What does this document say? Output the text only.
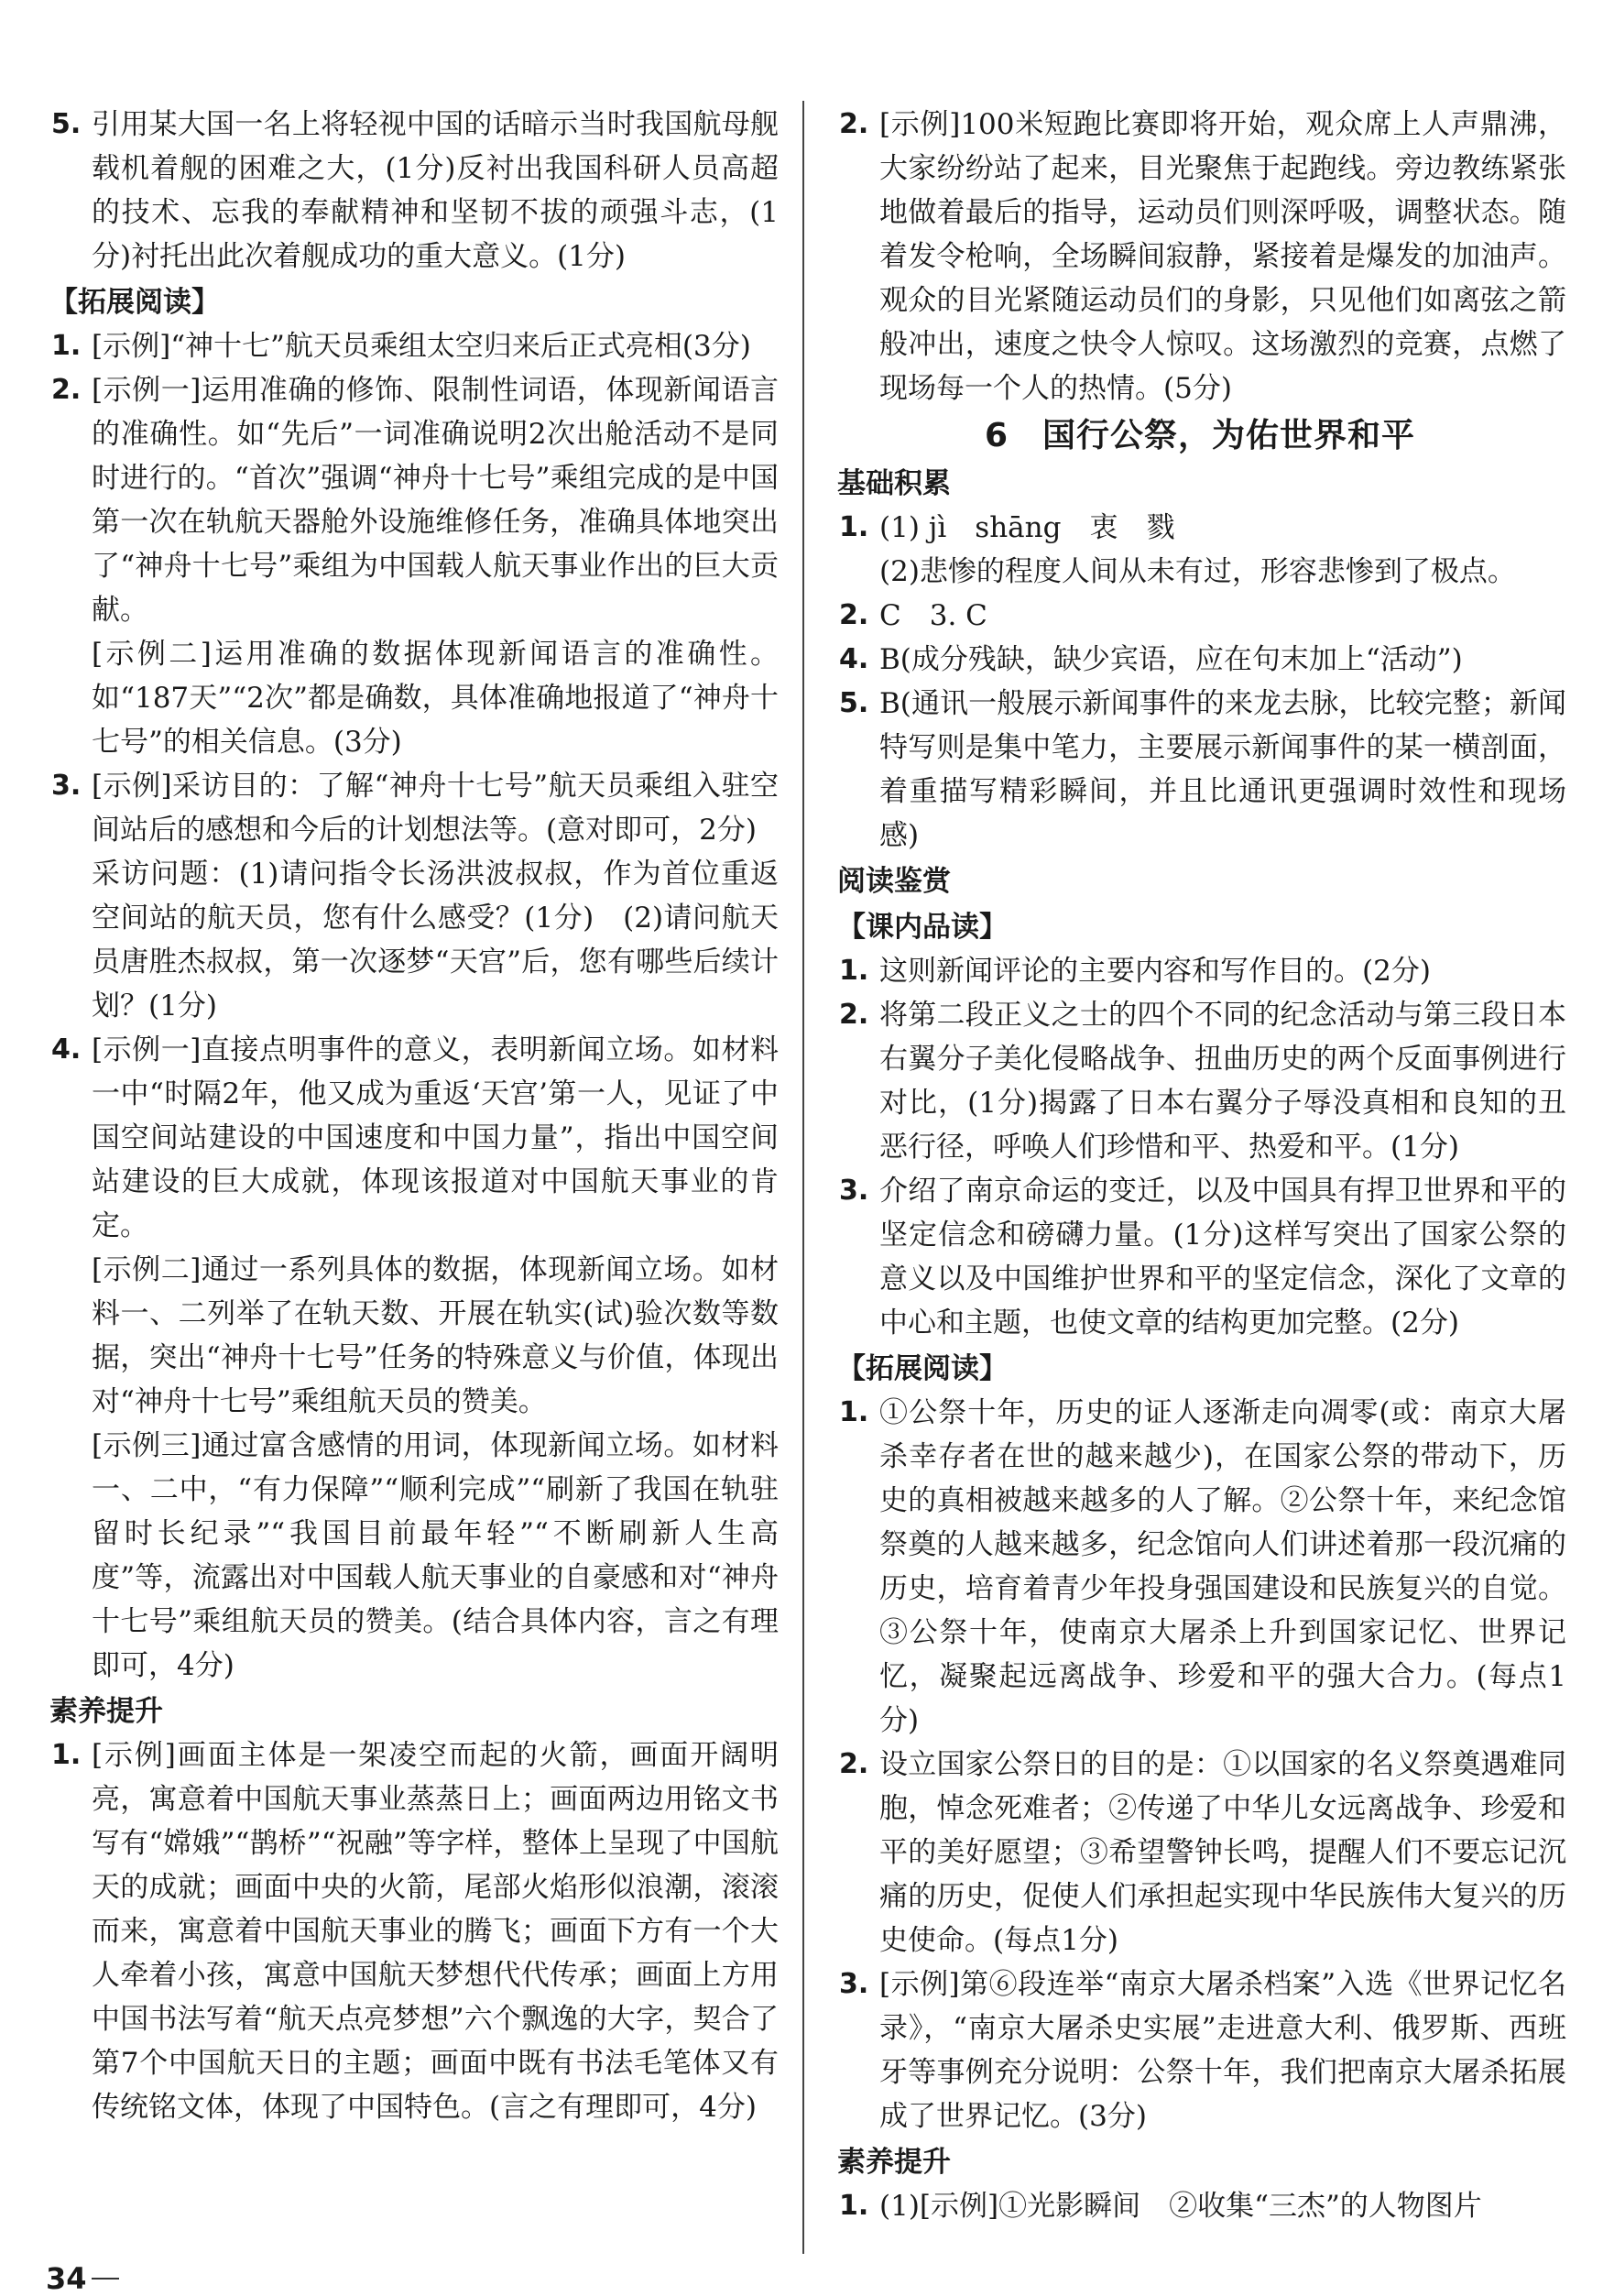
5. 引用某大国一名上将轻视中国的话暗示当时我国航母舰载机着舰的困难之大，(1分)反衬出我国科研人员高超的技术、忘我的奉献精神和坚韧不拔的顽强斗志，(1分)衬托出此次着舰成功的重大意义。(1分)

【拓展阅读】
1. [示例]“神十七”航天员乘组太空归来后正式亮相(3分)

2. [示例一]运用准确的修饰、限制性词语，体现新闻语言的准确性。如“先后”一词准确说明2次出舱活动不是同时进行的。“首次”强调“神舟十七号”乘组完成的是中国第一次在轨航天器舱外设施维修任务，准确具体地突出了“神舟十七号”乘组为中国载人航天事业作出的巨大贡献。

[示例二]运用准确的数据体现新闻语言的准确性。如“187天”“2次”都是确数，具体准确地报道了“神舟十七号”的相关信息。(3分)

3. [示例]采访目的：了解“神舟十七号”航天员乘组入驻空间站后的感想和今后的计划想法等。(意对即可，2分)

采访问题：(1)请问指令长汤洪波叔叔，作为首位重返空间站的航天员，您有什么感受？(1分)　(2)请问航天员唐胜杰叔叔，第一次逐梦“天宫”后，您有哪些后续计划？(1分)

4. [示例一]直接点明事件的意义，表明新闻立场。如材料一中“时隔2年，他又成为重返‘天宫’第一人，见证了中国空间站建设的中国速度和中国力量”，指出中国空间站建设的巨大成就，体现该报道对中国航天事业的肯定。

[示例二]通过一系列具体的数据，体现新闻立场。如材料一、二列举了在轨天数、开展在轨实(试)验次数等数据，突出“神舟十七号”任务的特殊意义与价值，体现出对“神舟十七号”乘组航天员的赞美。

[示例三]通过富含感情的用词，体现新闻立场。如材料一、二中，“有力保障”“顺利完成”“刷新了我国在轨驻留时长纪录”“我国目前最年轻”“不断刷新人生高度”等，流露出对中国载人航天事业的自豪感和对“神舟十七号”乘组航天员的赞美。(结合具体内容，言之有理即可，4分)

素养提升
1. [示例]画面主体是一架凌空而起的火箭，画面开阔明亮，寓意着中国航天事业蒸蒸日上；画面两边用铭文书写有“嫦娥”“鹊桥”“祝融”等字样，整体上呈现了中国航天的成就；画面中央的火箭，尾部火焰形似浪潮，滚滚而来，寓意着中国航天事业的腾飞；画面下方有一个大人牵着小孩，寓意中国航天梦想代代传承；画面上方用中国书法写着“航天点亮梦想”六个飘逸的大字，契合了第7个中国航天日的主题；画面中既有书法毛笔体又有传统铭文体，体现了中国特色。(言之有理即可，4分)

2. [示例]100米短跑比赛即将开始，观众席上人声鼎沸，大家纷纷站了起来，目光聚焦于起跑线。旁边教练紧张地做着最后的指导，运动员们则深呼吸，调整状态。随着发令枪响，全场瞬间寂静，紧接着是爆发的加油声。观众的目光紧随运动员们的身影，只见他们如离弦之箭般冲出，速度之快令人惊叹。这场激烈的竞赛，点燃了现场每一个人的热情。(5分)

6　国行公祭，为佑世界和平
基础积累
1. (1) jì　shāng　衷　戮

(2)悲惨的程度人间从未有过，形容悲惨到了极点。

2. C　3. C

4. B(成分残缺，缺少宾语，应在句末加上“活动”)

5. B(通讯一般展示新闻事件的来龙去脉，比较完整；新闻特写则是集中笔力，主要展示新闻事件的某一横剖面，着重描写精彩瞬间，并且比通讯更强调时效性和现场感)

阅读鉴赏
【课内品读】
1. 这则新闻评论的主要内容和写作目的。(2分)

2. 将第二段正义之士的四个不同的纪念活动与第三段日本右翼分子美化侵略战争、扭曲历史的两个反面事例进行对比，(1分)揭露了日本右翼分子辱没真相和良知的丑恶行径，呼唤人们珍惜和平、热爱和平。(1分)

3. 介绍了南京命运的变迁，以及中国具有捍卫世界和平的坚定信念和磅礴力量。(1分)这样写突出了国家公祭的意义以及中国维护世界和平的坚定信念，深化了文章的中心和主题，也使文章的结构更加完整。(2分)

【拓展阅读】
1. ①公祭十年，历史的证人逐渐走向凋零(或：南京大屠杀幸存者在世的越来越少)，在国家公祭的带动下，历史的真相被越来越多的人了解。②公祭十年，来纪念馆祭奠的人越来越多，纪念馆向人们讲述着那一段沉痛的历史，培育着青少年投身强国建设和民族复兴的自觉。③公祭十年，使南京大屠杀上升到国家记忆、世界记忆，凝聚起远离战争、珍爱和平的强大合力。(每点1分)

2. 设立国家公祭日的目的是：①以国家的名义祭奠遇难同胞，悼念死难者；②传递了中华儿女远离战争、珍爱和平的美好愿望；③希望警钟长鸣，提醒人们不要忘记沉痛的历史，促使人们承担起实现中华民族伟大复兴的历史使命。(每点1分)

3. [示例]第⑥段连举“南京大屠杀档案”入选《世界记忆名录》，“南京大屠杀史实展”走进意大利、俄罗斯、西班牙等事例充分说明：公祭十年，我们把南京大屠杀拓展成了世界记忆。(3分)

素养提升
1. (1)[示例]①光影瞬间　②收集“三杰”的人物图片

34
